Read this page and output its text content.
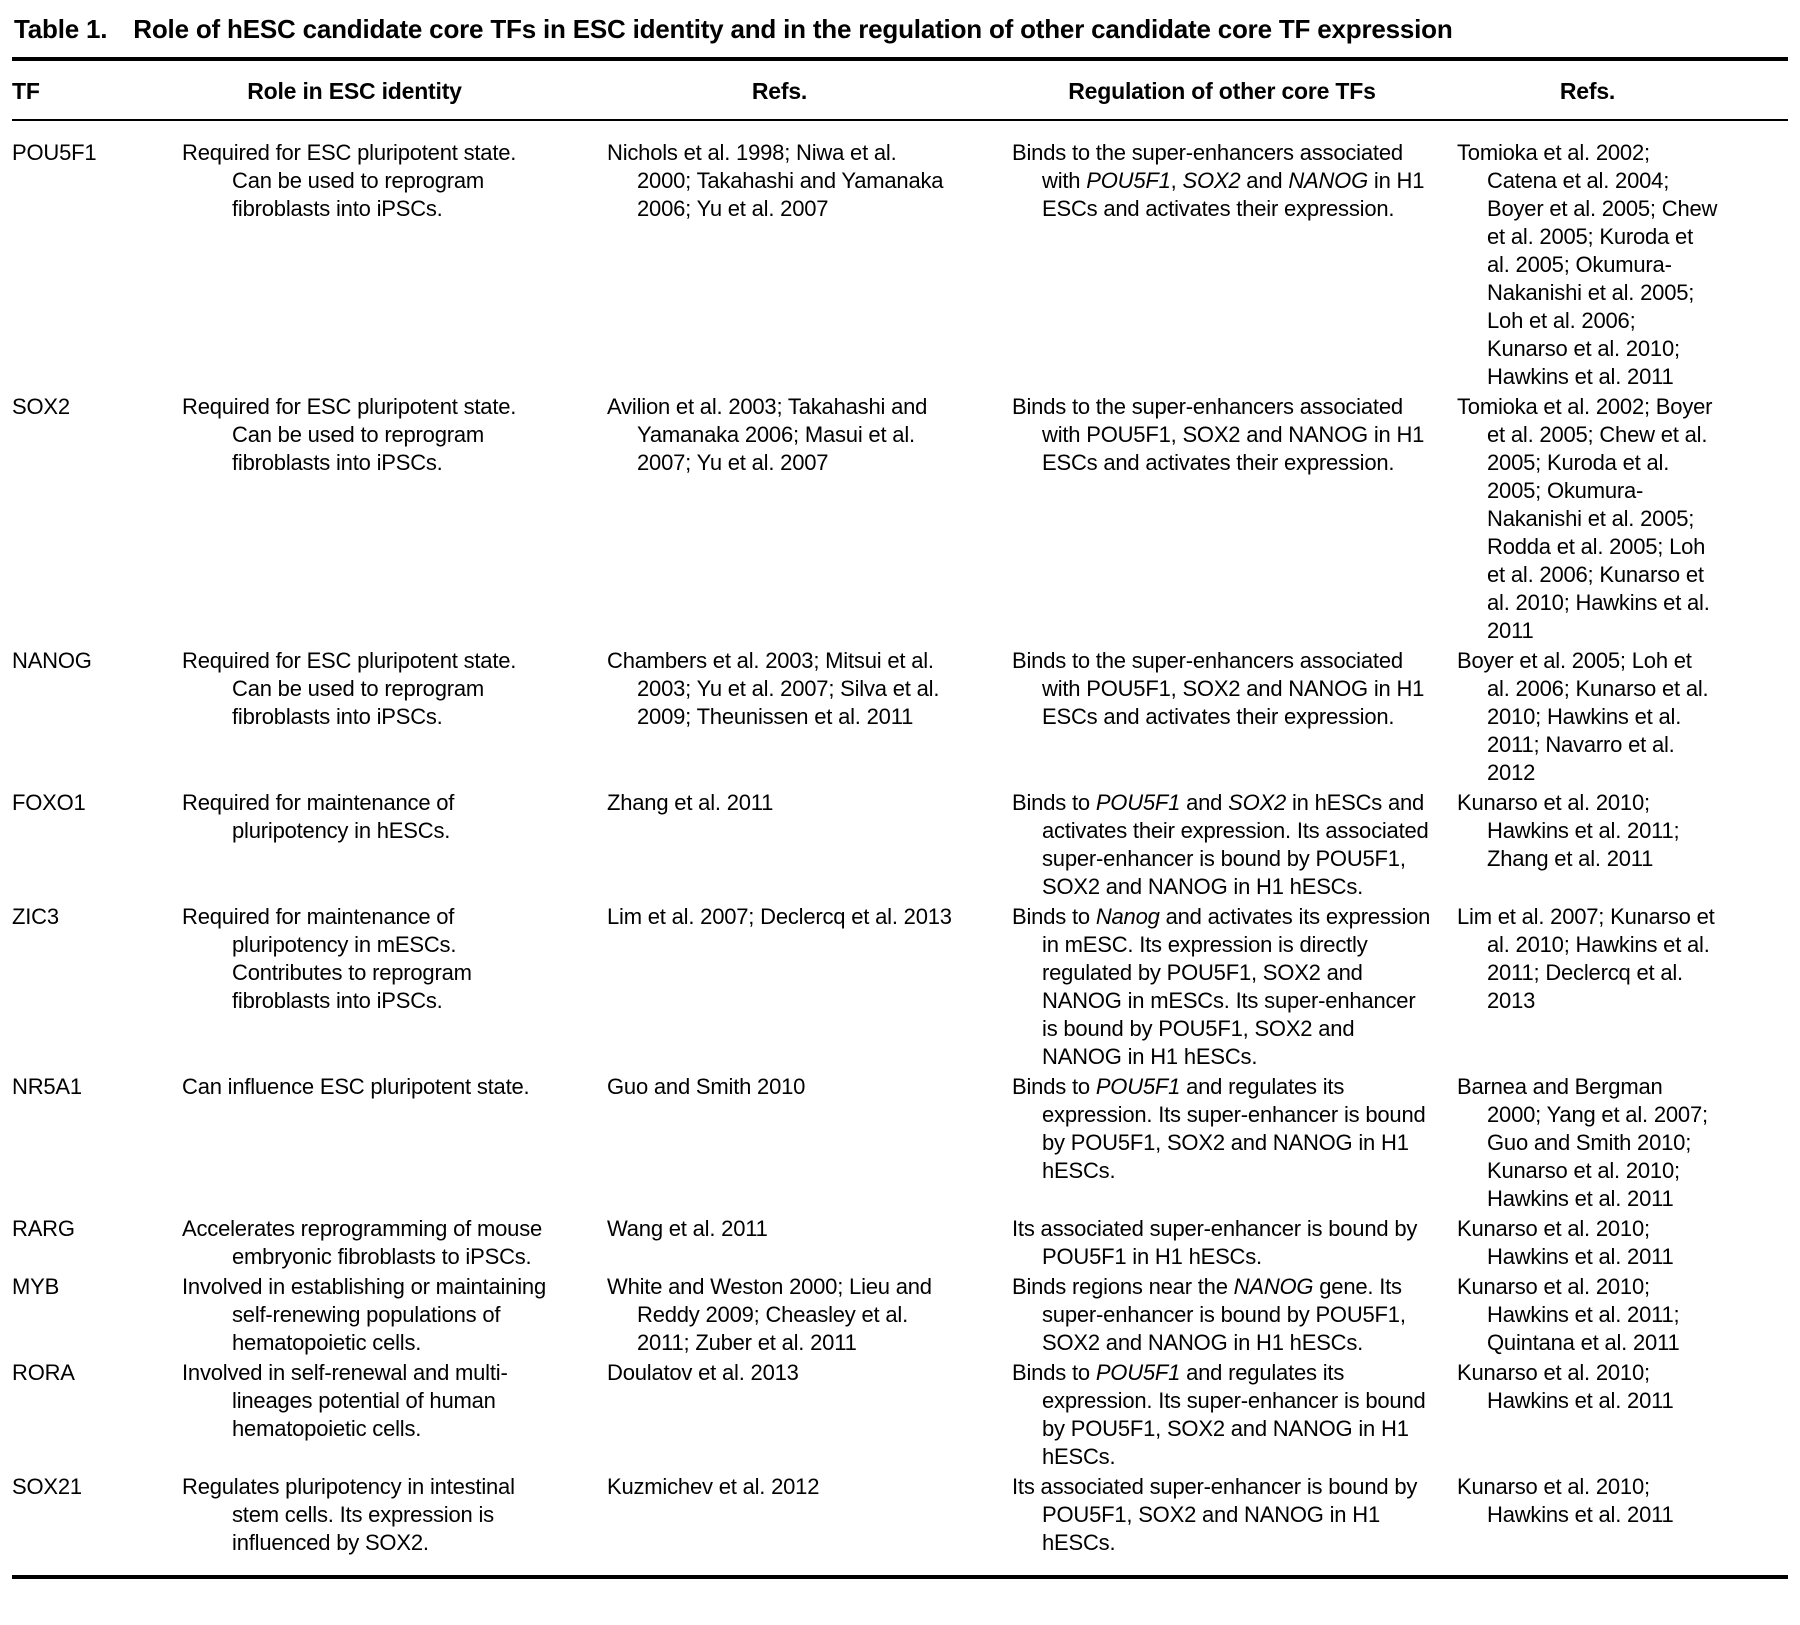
Table 1. Role of hESC candidate core TFs in ESC identity and in the regulation of other candidate core TF expression
TF	Role in ESC identity	Refs.	Regulation of other core TFs	Refs.
POU5F1	Required for ESC pluripotent state. Can be used to reprogram fibroblasts into iPSCs.	Nichols et al. 1998; Niwa et al. 2000; Takahashi and Yamanaka 2006; Yu et al. 2007	Binds to the super-enhancers associated with POU5F1, SOX2 and NANOG in H1 ESCs and activates their expression.	Tomioka et al. 2002; Catena et al. 2004; Boyer et al. 2005; Chew et al. 2005; Kuroda et al. 2005; Okumura-Nakanishi et al. 2005; Loh et al. 2006; Kunarso et al. 2010; Hawkins et al. 2011
SOX2	Required for ESC pluripotent state. Can be used to reprogram fibroblasts into iPSCs.	Avilion et al. 2003; Takahashi and Yamanaka 2006; Masui et al. 2007; Yu et al. 2007	Binds to the super-enhancers associated with POU5F1, SOX2 and NANOG in H1 ESCs and activates their expression.	Tomioka et al. 2002; Boyer et al. 2005; Chew et al. 2005; Kuroda et al. 2005; Okumura-Nakanishi et al. 2005; Rodda et al. 2005; Loh et al. 2006; Kunarso et al. 2010; Hawkins et al. 2011
NANOG	Required for ESC pluripotent state. Can be used to reprogram fibroblasts into iPSCs.	Chambers et al. 2003; Mitsui et al. 2003; Yu et al. 2007; Silva et al. 2009; Theunissen et al. 2011	Binds to the super-enhancers associated with POU5F1, SOX2 and NANOG in H1 ESCs and activates their expression.	Boyer et al. 2005; Loh et al. 2006; Kunarso et al. 2010; Hawkins et al. 2011; Navarro et al. 2012
FOXO1	Required for maintenance of pluripotency in hESCs.	Zhang et al. 2011	Binds to POU5F1 and SOX2 in hESCs and activates their expression. Its associated super-enhancer is bound by POU5F1, SOX2 and NANOG in H1 hESCs.	Kunarso et al. 2010; Hawkins et al. 2011; Zhang et al. 2011
ZIC3	Required for maintenance of pluripotency in mESCs. Contributes to reprogram fibroblasts into iPSCs.	Lim et al. 2007; Declercq et al. 2013	Binds to Nanog and activates its expression in mESC. Its expression is directly regulated by POU5F1, SOX2 and NANOG in mESCs. Its super-enhancer is bound by POU5F1, SOX2 and NANOG in H1 hESCs.	Lim et al. 2007; Kunarso et al. 2010; Hawkins et al. 2011; Declercq et al. 2013
NR5A1	Can influence ESC pluripotent state.	Guo and Smith 2010	Binds to POU5F1 and regulates its expression. Its super-enhancer is bound by POU5F1, SOX2 and NANOG in H1 hESCs.	Barnea and Bergman 2000; Yang et al. 2007; Guo and Smith 2010; Kunarso et al. 2010; Hawkins et al. 2011
RARG	Accelerates reprogramming of mouse embryonic fibroblasts to iPSCs.	Wang et al. 2011	Its associated super-enhancer is bound by POU5F1 in H1 hESCs.	Kunarso et al. 2010; Hawkins et al. 2011
MYB	Involved in establishing or maintaining self-renewing populations of hematopoietic cells.	White and Weston 2000; Lieu and Reddy 2009; Cheasley et al. 2011; Zuber et al. 2011	Binds regions near the NANOG gene. Its super-enhancer is bound by POU5F1, SOX2 and NANOG in H1 hESCs.	Kunarso et al. 2010; Hawkins et al. 2011; Quintana et al. 2011
RORA	Involved in self-renewal and multi-lineages potential of human hematopoietic cells.	Doulatov et al. 2013	Binds to POU5F1 and regulates its expression. Its super-enhancer is bound by POU5F1, SOX2 and NANOG in H1 hESCs.	Kunarso et al. 2010; Hawkins et al. 2011
SOX21	Regulates pluripotency in intestinal stem cells. Its expression is influenced by SOX2.	Kuzmichev et al. 2012	Its associated super-enhancer is bound by POU5F1, SOX2 and NANOG in H1 hESCs.	Kunarso et al. 2010; Hawkins et al. 2011
